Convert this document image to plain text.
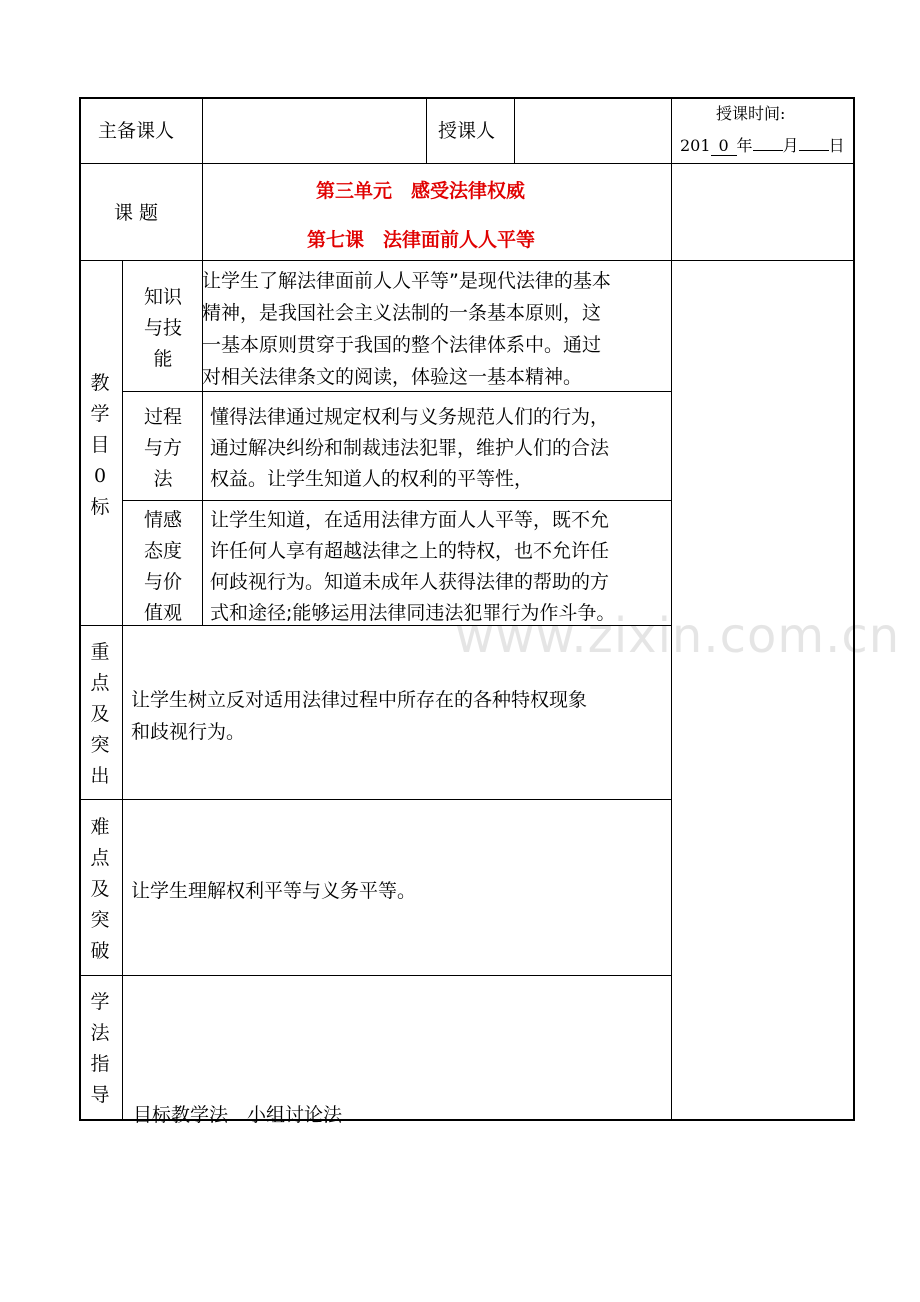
主备课人	授课人
授课时间:
201 0 年 月 日
课 题
第三单元　感受法律权威
第七课　法律面前人人平等
教
学
目
0
标
知识
与技
能
让学生了解法律面前人人平等”是现代法律的基本
精神，是我国社会主义法制的一条基本原则，这
一基本原则贯穿于我国的整个法律体系中。通过
对相关法律条文的阅读，体验这一基本精神。
过程
与方
法
懂得法律通过规定权利与义务规范人们的行为，
通过解决纠纷和制裁违法犯罪，维护人们的合法
权益。让学生知道人的权利的平等性，
情感
态度
与价
值观
让学生知道，在适用法律方面人人平等，既不允
许任何人享有超越法律之上的特权，也不允许任
何歧视行为。知道未成年人获得法律的帮助的方
式和途径;能够运用法律同违法犯罪行为作斗争。
www.zixin.com.cn
重
点
及
突
出
让学生树立反对适用法律过程中所存在的各种特权现象
和歧视行为。
难
点
及
突
破
让学生理解权利平等与义务平等。
学
法
指
导

目标教学法　小组讨论法
